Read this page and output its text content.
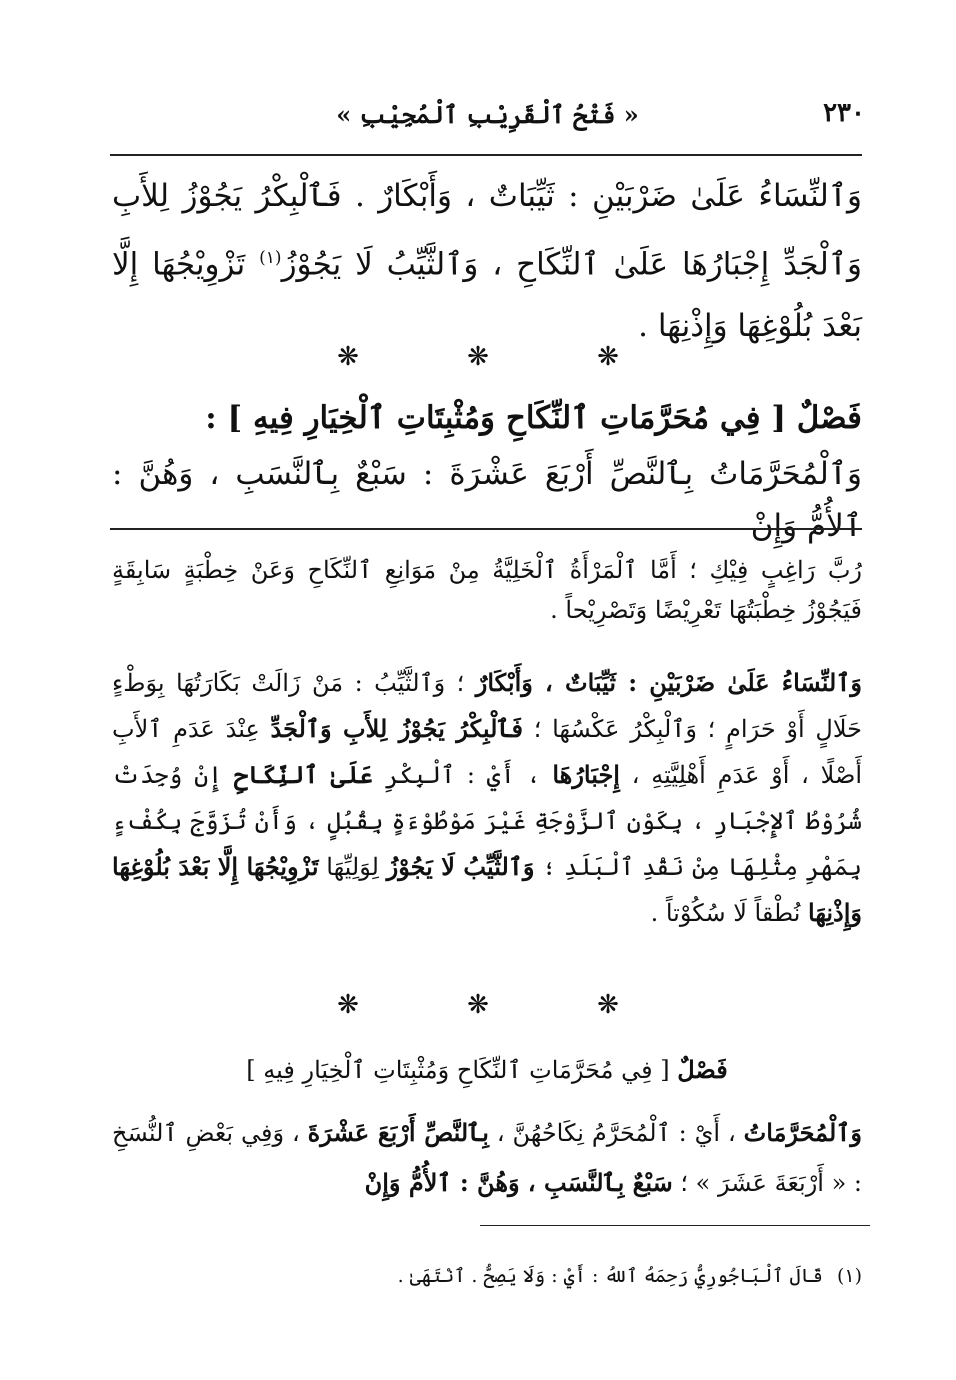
٢٣٠
« فَتْحُ ٱلْقَرِيْبِ ٱلْمُجِيْبِ »

وَٱلنِّسَاءُ عَلَىٰ ضَرْبَيْنِ : ثَيِّبَاتٌ ، وَأَبْكَارٌ . فَٱلْبِكْرُ يَجُوْزُ لِلأَبِ وَٱلْجَدِّ إِجْبَارُهَا عَلَىٰ ٱلنِّكَاحِ ، وَٱلثَّيِّبُ لَا يَجُوْزُ$^{(١)}$ تَزْوِيْجُهَا إِلَّا بَعْدَ بُلُوْغِهَا وَإِذْنِهَا .

❋	❋	❋
فَصْلٌ [ فِي مُحَرَّمَاتِ ٱلنِّكَاحِ وَمُثْبِتَاتِ ٱلْخِيَارِ فِيهِ ] :
وَٱلْمُحَرَّمَاتُ بِٱلنَّصِّ أَرْبَعَ عَشْرَةَ : سَبْعٌ بِٱلنَّسَبِ ، وَهُنَّ : ٱلأُمُّ وَإِنْ

رُبَّ رَاغِبٍ فِيْكِ ؛ أَمَّا ٱلْمَرْأَةُ ٱلْخَلِيَّةُ مِنْ مَوَانِعِ ٱلنِّكَاحِ وَعَنْ خِطْبَةٍ سَابِقَةٍ فَيَجُوْزُ خِطْبَتُهَا تَعْرِيْضًا وَتَصْرِيْحاً .

وَٱلنِّسَاءُ عَلَىٰ ضَرْبَيْنِ : ثَيِّبَاتٌ ، وَأَبْكَارٌ ؛ وَٱلثَّيِّبُ : مَنْ زَالَتْ بَكَارَتُهَا بِوَطْءٍ حَلَالٍ أَوْ حَرَامٍ ؛ وَٱلْبِكْرُ عَكْسُهَا ؛ فَٱلْبِكْرُ يَجُوْزُ لِلأَبِ وَٱلْجَدِّ عِنْدَ عَدَمِ ٱلأَبِ أَصْلًا ، أَوْ عَدَمِ أَهْلِيَّتِهِ ، إِجْبَارُهَا ، أَيْ : ٱلْبِكْرِ عَلَىٰ ٱلنِّكَاحِ إِنْ وُجِدَتْ شُرُوْطُ ٱلإِجْبَارِ ، بِكَوْنِ ٱلزَّوْجَةِ غَيْرَ مَوْطُوْءَةٍ بِقُبُلٍ ، وَأَنْ تُزَوَّجَ بِكُفْءٍ بِمَهْرِ مِثْلِهَا مِنْ نَقْدِ ٱلْبَلَدِ ؛ وَٱلثَّيِّبُ لَا يَجُوْزُ لِوَلِيِّهَا تَزْوِيْجُهَا إِلَّا بَعْدَ بُلُوْغِهَا وَإِذْنِهَا نُطْقاً لَا سُكُوْتاً .
❋	❋	❋
فَصْلٌ [ فِي مُحَرَّمَاتِ ٱلنِّكَاحِ وَمُثْبِتَاتِ ٱلْخِيَارِ فِيهِ ]
وَٱلْمُحَرَّمَاتُ ، أَيْ : ٱلْمُحَرَّمُ نِكَاحُهُنَّ ، بِٱلنَّصِّ أَرْبَعَ عَشْرَةَ ، وَفِي بَعْضِ ٱلنُّسَخِ : « أَرْبَعَةَ عَشَرَ » ؛ سَبْعٌ بِٱلنَّسَبِ ، وَهُنَّ : ٱلأُمُّ وَإِنْ
(١)قَالَ ٱلْبَاجُورِيُّ رَحِمَهُ ٱللهُ : أَيْ : وَلَا يَصِحُّ . ٱنْتَهَىٰ .
